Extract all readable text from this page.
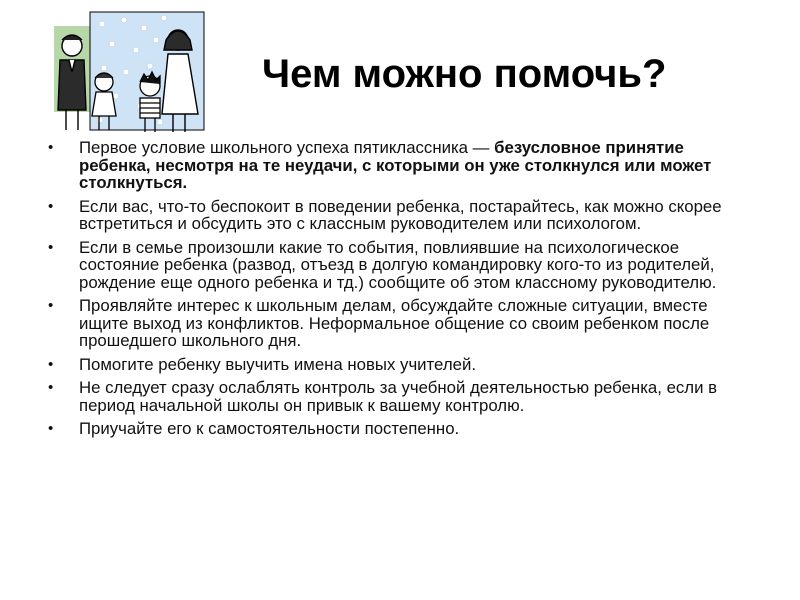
Чем можно помочь?
• Первое условие школьного успеха пятиклассника — безусловное принятие ребенка, несмотря на те неудачи, с которыми он уже столкнулся или может столкнуться.
• Если вас, что-то беспокоит в поведении ребенка, постарайтесь, как можно скорее встретиться и обсудить это с классным руководителем или психологом.
• Если в семье произошли какие то события, повлиявшие на психологическое состояние ребенка (развод, отъезд в долгую командировку кого-то из родителей, рождение еще одного ребенка и тд.) сообщите об этом классному руководителю.
• Проявляйте интерес к школьным делам, обсуждайте сложные ситуации, вместе ищите выход из конфликтов. Неформальное общение со своим ребенком после прошедшего школьного дня.
• Помогите ребенку выучить имена новых учителей.
• Не следует сразу ослаблять контроль за учебной деятельностью ребенка, если в период начальной школы он привык к вашему контролю.
• Приучайте его к самостоятельности постепенно.
